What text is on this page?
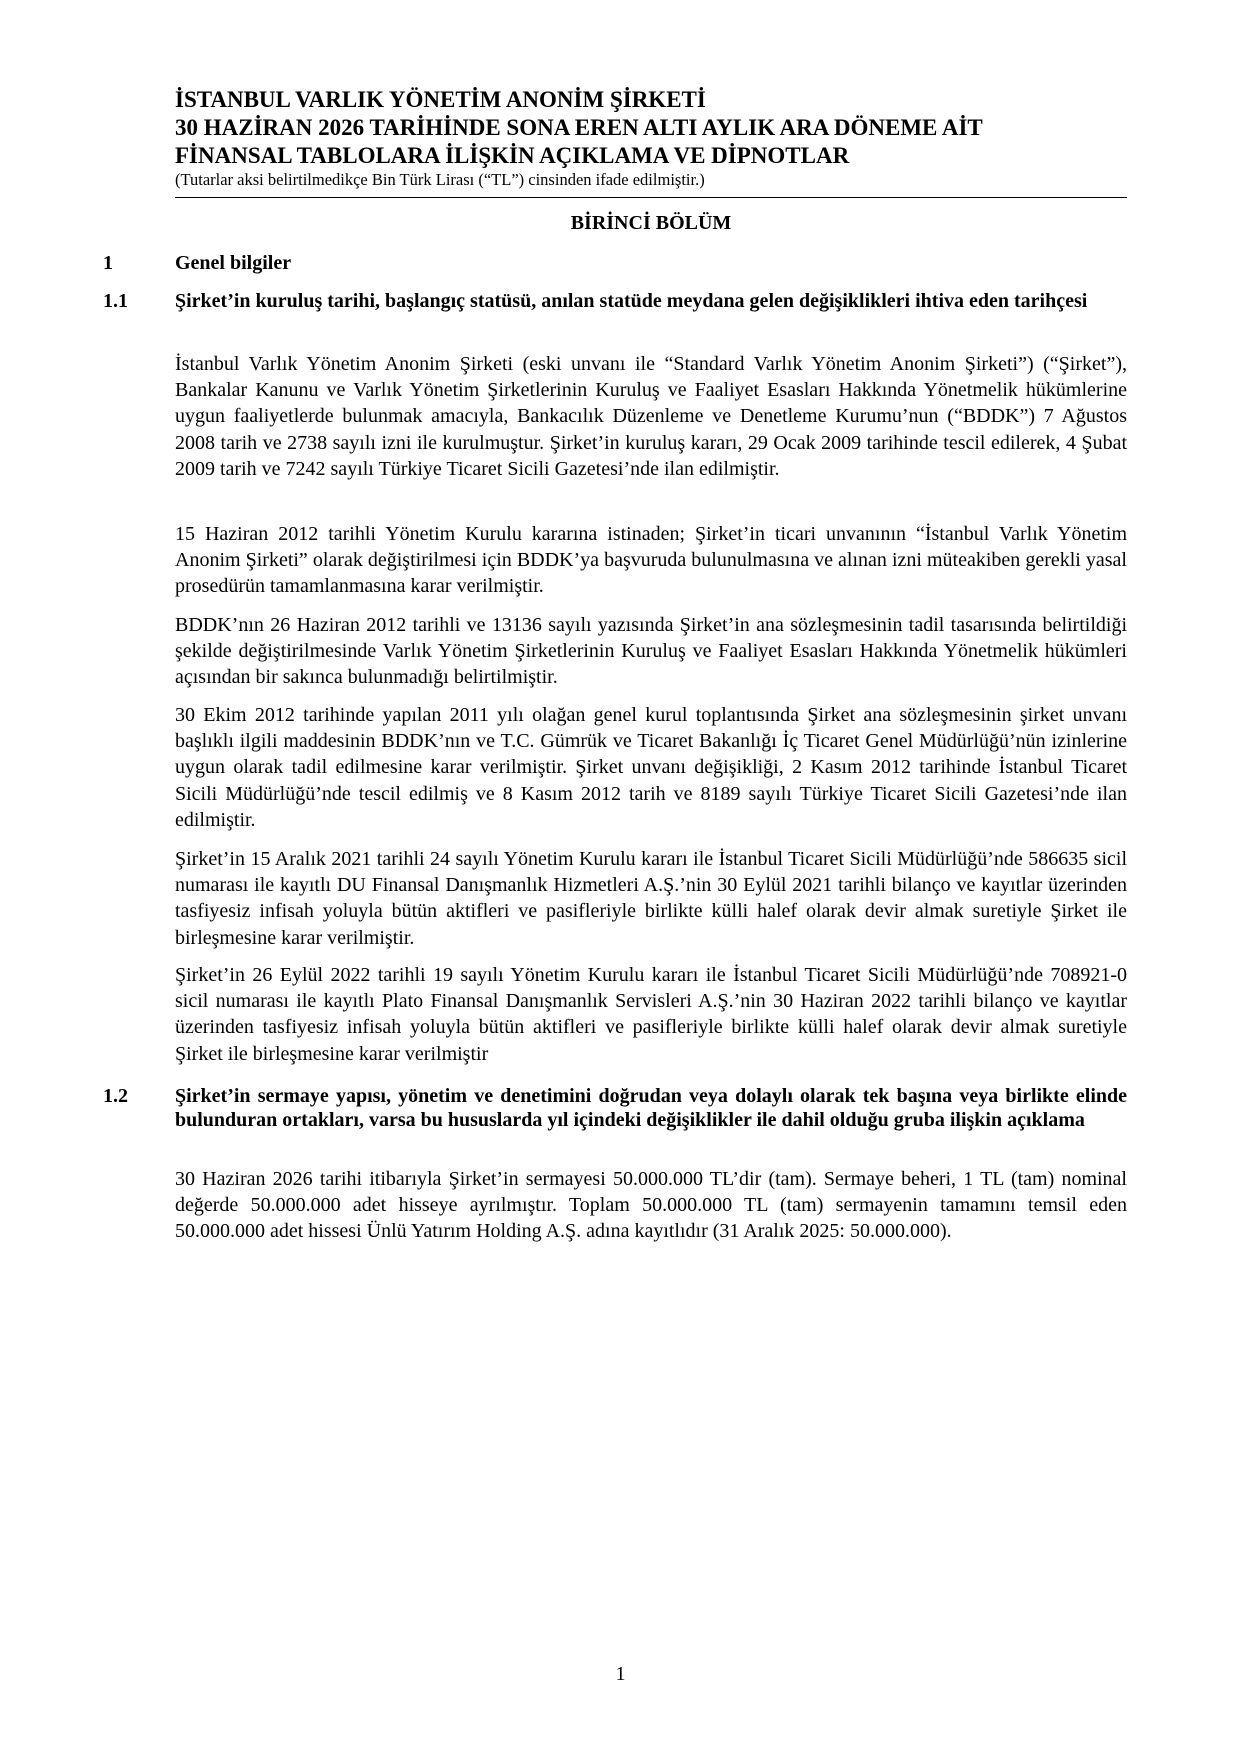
İSTANBUL VARLIK YÖNETİM ANONİM ŞİRKETİ
30 HAZİRAN 2026 TARİHİNDE SONA EREN ALTI AYLIK ARA DÖNEME AİT
FİNANSAL TABLOLARA İLİŞKİN AÇIKLAMA VE DİPNOTLAR
(Tutarlar aksi belirtilmedikçe Bin Türk Lirası (“TL”) cinsinden ifade edilmiştir.)
BİRİNCİ BÖLÜM
1	Genel bilgiler
1.1 Şirket’in kuruluş tarihi, başlangıç statüsü, anılan statüde meydana gelen değişiklikleri ihtiva eden tarihçesi
İstanbul Varlık Yönetim Anonim Şirketi (eski unvanı ile “Standard Varlık Yönetim Anonim Şirketi”) (“Şirket”), Bankalar Kanunu ve Varlık Yönetim Şirketlerinin Kuruluş ve Faaliyet Esasları Hakkında Yönetmelik hükümlerine uygun faaliyetlerde bulunmak amacıyla, Bankacılık Düzenleme ve Denetleme Kurumu’nun (“BDDK”) 7 Ağustos 2008 tarih ve 2738 sayılı izni ile kurulmuştur. Şirket’in kuruluş kararı, 29 Ocak 2009 tarihinde tescil edilerek, 4 Şubat 2009 tarih ve 7242 sayılı Türkiye Ticaret Sicili Gazetesi’nde ilan edilmiştir.
15 Haziran 2012 tarihli Yönetim Kurulu kararına istinaden; Şirket’in ticari unvanının “İstanbul Varlık Yönetim Anonim Şirketi” olarak değiştirilmesi için BDDK’ya başvuruda bulunulmasına ve alınan izni müteakiben gerekli yasal prosedürün tamamlanmasına karar verilmiştir.
BDDK’nın 26 Haziran 2012 tarihli ve 13136 sayılı yazısında Şirket’in ana sözleşmesinin tadil tasarısında belirtildiği şekilde değiştirilmesinde Varlık Yönetim Şirketlerinin Kuruluş ve Faaliyet Esasları Hakkında Yönetmelik hükümleri açısından bir sakınca bulunmadığı belirtilmiştir.
30 Ekim 2012 tarihinde yapılan 2011 yılı olağan genel kurul toplantısında Şirket ana sözleşmesinin şirket unvanı başlıklı ilgili maddesinin BDDK’nın ve T.C. Gümrük ve Ticaret Bakanlığı İç Ticaret Genel Müdürlüğü’nün izinlerine uygun olarak tadil edilmesine karar verilmiştir. Şirket unvanı değişikliği, 2 Kasım 2012 tarihinde İstanbul Ticaret Sicili Müdürlüğü’nde tescil edilmiş ve 8 Kasım 2012 tarih ve 8189 sayılı Türkiye Ticaret Sicili Gazetesi’nde ilan edilmiştir.
Şirket’in 15 Aralık 2021 tarihli 24 sayılı Yönetim Kurulu kararı ile İstanbul Ticaret Sicili Müdürlüğü’nde 586635 sicil numarası ile kayıtlı DU Finansal Danışmanlık Hizmetleri A.Ş.’nin 30 Eylül 2021 tarihli bilanço ve kayıtlar üzerinden tasfiyesiz infisah yoluyla bütün aktifleri ve pasifleriyle birlikte külli halef olarak devir almak suretiyle Şirket ile birleşmesine karar verilmiştir.
Şirket’in 26 Eylül 2022 tarihli 19 sayılı Yönetim Kurulu kararı ile İstanbul Ticaret Sicili Müdürlüğü’nde 708921-0 sicil numarası ile kayıtlı Plato Finansal Danışmanlık Servisleri A.Ş.’nin 30 Haziran 2022 tarihli bilanço ve kayıtlar üzerinden tasfiyesiz infisah yoluyla bütün aktifleri ve pasifleriyle birlikte külli halef olarak devir almak suretiyle Şirket ile birleşmesine karar verilmiştir
1.2 Şirket’in sermaye yapısı, yönetim ve denetimini doğrudan veya dolaylı olarak tek başına veya birlikte elinde bulunduran ortakları, varsa bu hususlarda yıl içindeki değişiklikler ile dahil olduğu gruba ilişkin açıklama
30 Haziran 2026 tarihi itibarıyla Şirket’in sermayesi 50.000.000 TL’dir (tam). Sermaye beheri, 1 TL (tam) nominal değerde 50.000.000 adet hisseye ayrılmıştır. Toplam 50.000.000 TL (tam) sermayenin tamamını temsil eden 50.000.000 adet hissesi Ünlü Yatırım Holding A.Ş. adına kayıtlıdır (31 Aralık 2025: 50.000.000).
1
